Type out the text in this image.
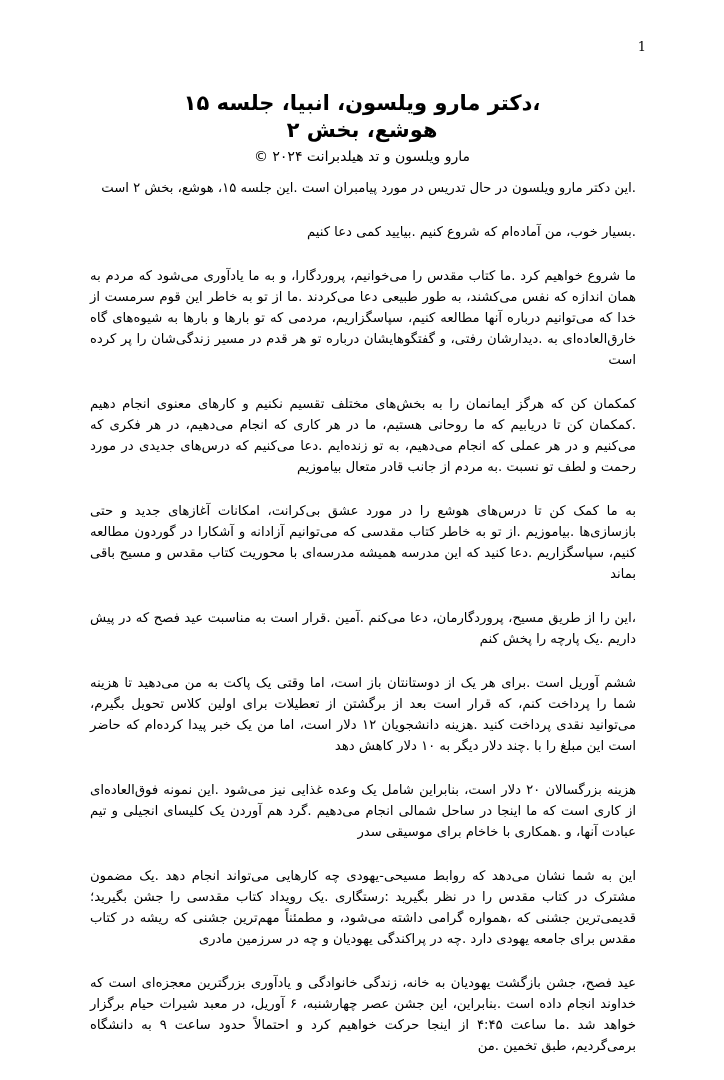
1
،دکتر مارو ویلسون، انبیا، جلسه ۱۵
هوشع، بخش ۲
مارو ویلسون و تد هیلدبرانت ۲۰۲۴ ©

.این دکتر مارو ویلسون در حال تدریس در مورد پیامبران است .این جلسه ۱۵، هوشع، بخش ۲ است

.بسیار خوب، من آماده‌ام که شروع کنیم .بیایید کمی دعا کنیم

ما شروع خواهیم کرد .ما کتاب مقدس را می‌خوانیم، پروردگارا، و به ما یادآوری می‌شود که مردم به همان اندازه که نفس می‌کشند، به طور طبیعی دعا می‌کردند .ما از تو به خاطر این قوم سرمست از خدا که می‌توانیم درباره آنها مطالعه کنیم، سپاسگزاریم، مردمی که تو بارها و بارها به شیوه‌های گاه خارق‌العاده‌ای به .دیدارشان رفتی، و گفتگوهایشان درباره تو هر قدم در مسیر زندگی‌شان را پر کرده است

کمکمان کن که هرگز ایمانمان را به بخش‌های مختلف تقسیم نکنیم و کارهای معنوی انجام دهیم .کمکمان کن تا دریابیم که ما روحانی هستیم، ما در هر کاری که انجام می‌دهیم، در هر فکری که می‌کنیم و در هر عملی که انجام می‌دهیم، به تو زنده‌ایم .دعا می‌کنیم که درس‌های جدیدی در مورد رحمت و لطف تو نسبت .به مردم از جانب قادر متعال بیاموزیم

به ما کمک کن تا درس‌های هوشع را در مورد عشق بی‌کرانت، امکانات آغازهای جدید و حتی بازسازی‌ها .بیاموزیم .از تو به خاطر کتاب مقدسی که می‌توانیم آزادانه و آشکارا در گوردون مطالعه کنیم، سپاسگزاریم .دعا کنید که این مدرسه همیشه مدرسه‌ای با محوریت کتاب مقدس و مسیح باقی بماند

،این را از طریق مسیح، پروردگارمان، دعا می‌کنم .آمین .قرار است به مناسبت عید فصح که در پیش داریم .یک پارچه را پخش کنم

ششم آوریل است .برای هر یک از دوستانتان باز است، اما وقتی یک پاکت به من می‌دهید تا هزینه شما را پرداخت کنم، که قرار است بعد از برگشتن از تعطیلات برای اولین کلاس تحویل بگیرم، می‌توانید نقدی پرداخت کنید .هزینه دانشجویان ۱۲ دلار است، اما من یک خبر پیدا کرده‌ام که حاضر است این مبلغ را با .چند دلار دیگر به ۱۰ دلار کاهش دهد

هزینه بزرگسالان ۲۰ دلار است، بنابراین شامل یک وعده غذایی نیز می‌شود .این نمونه فوق‌العاده‌ای از کاری است که ما اینجا در ساحل شمالی انجام می‌دهیم .گرد هم آوردن یک کلیسای انجیلی و تیم عبادت آنها، و .همکاری با خاخام برای موسیقی سدر

این به شما نشان می‌دهد که روابط مسیحی-یهودی چه کارهایی می‌تواند انجام دهد .یک مضمون مشترک در کتاب مقدس را در نظر بگیرید :رستگاری .یک رویداد کتاب مقدسی را جشن بگیرید؛ قدیمی‌ترین جشنی که ،همواره گرامی داشته می‌شود، و مطمئناً مهم‌ترین جشنی که ریشه در کتاب مقدس برای جامعه یهودی دارد .چه در پراکندگی یهودیان و چه در سرزمین مادری

عید فصح، جشن بازگشت یهودیان به خانه، زندگی خانوادگی و یادآوری بزرگترین معجزه‌ای است که خداوند انجام داده است .بنابراین، این جشن عصر چهارشنبه، ۶ آوریل، در معبد شیرات حیام برگزار خواهد شد .ما ساعت ۴:۴۵ از اینجا حرکت خواهیم کرد و احتمالاً حدود ساعت ۹ به دانشگاه برمی‌گردیم، طبق تخمین .من
